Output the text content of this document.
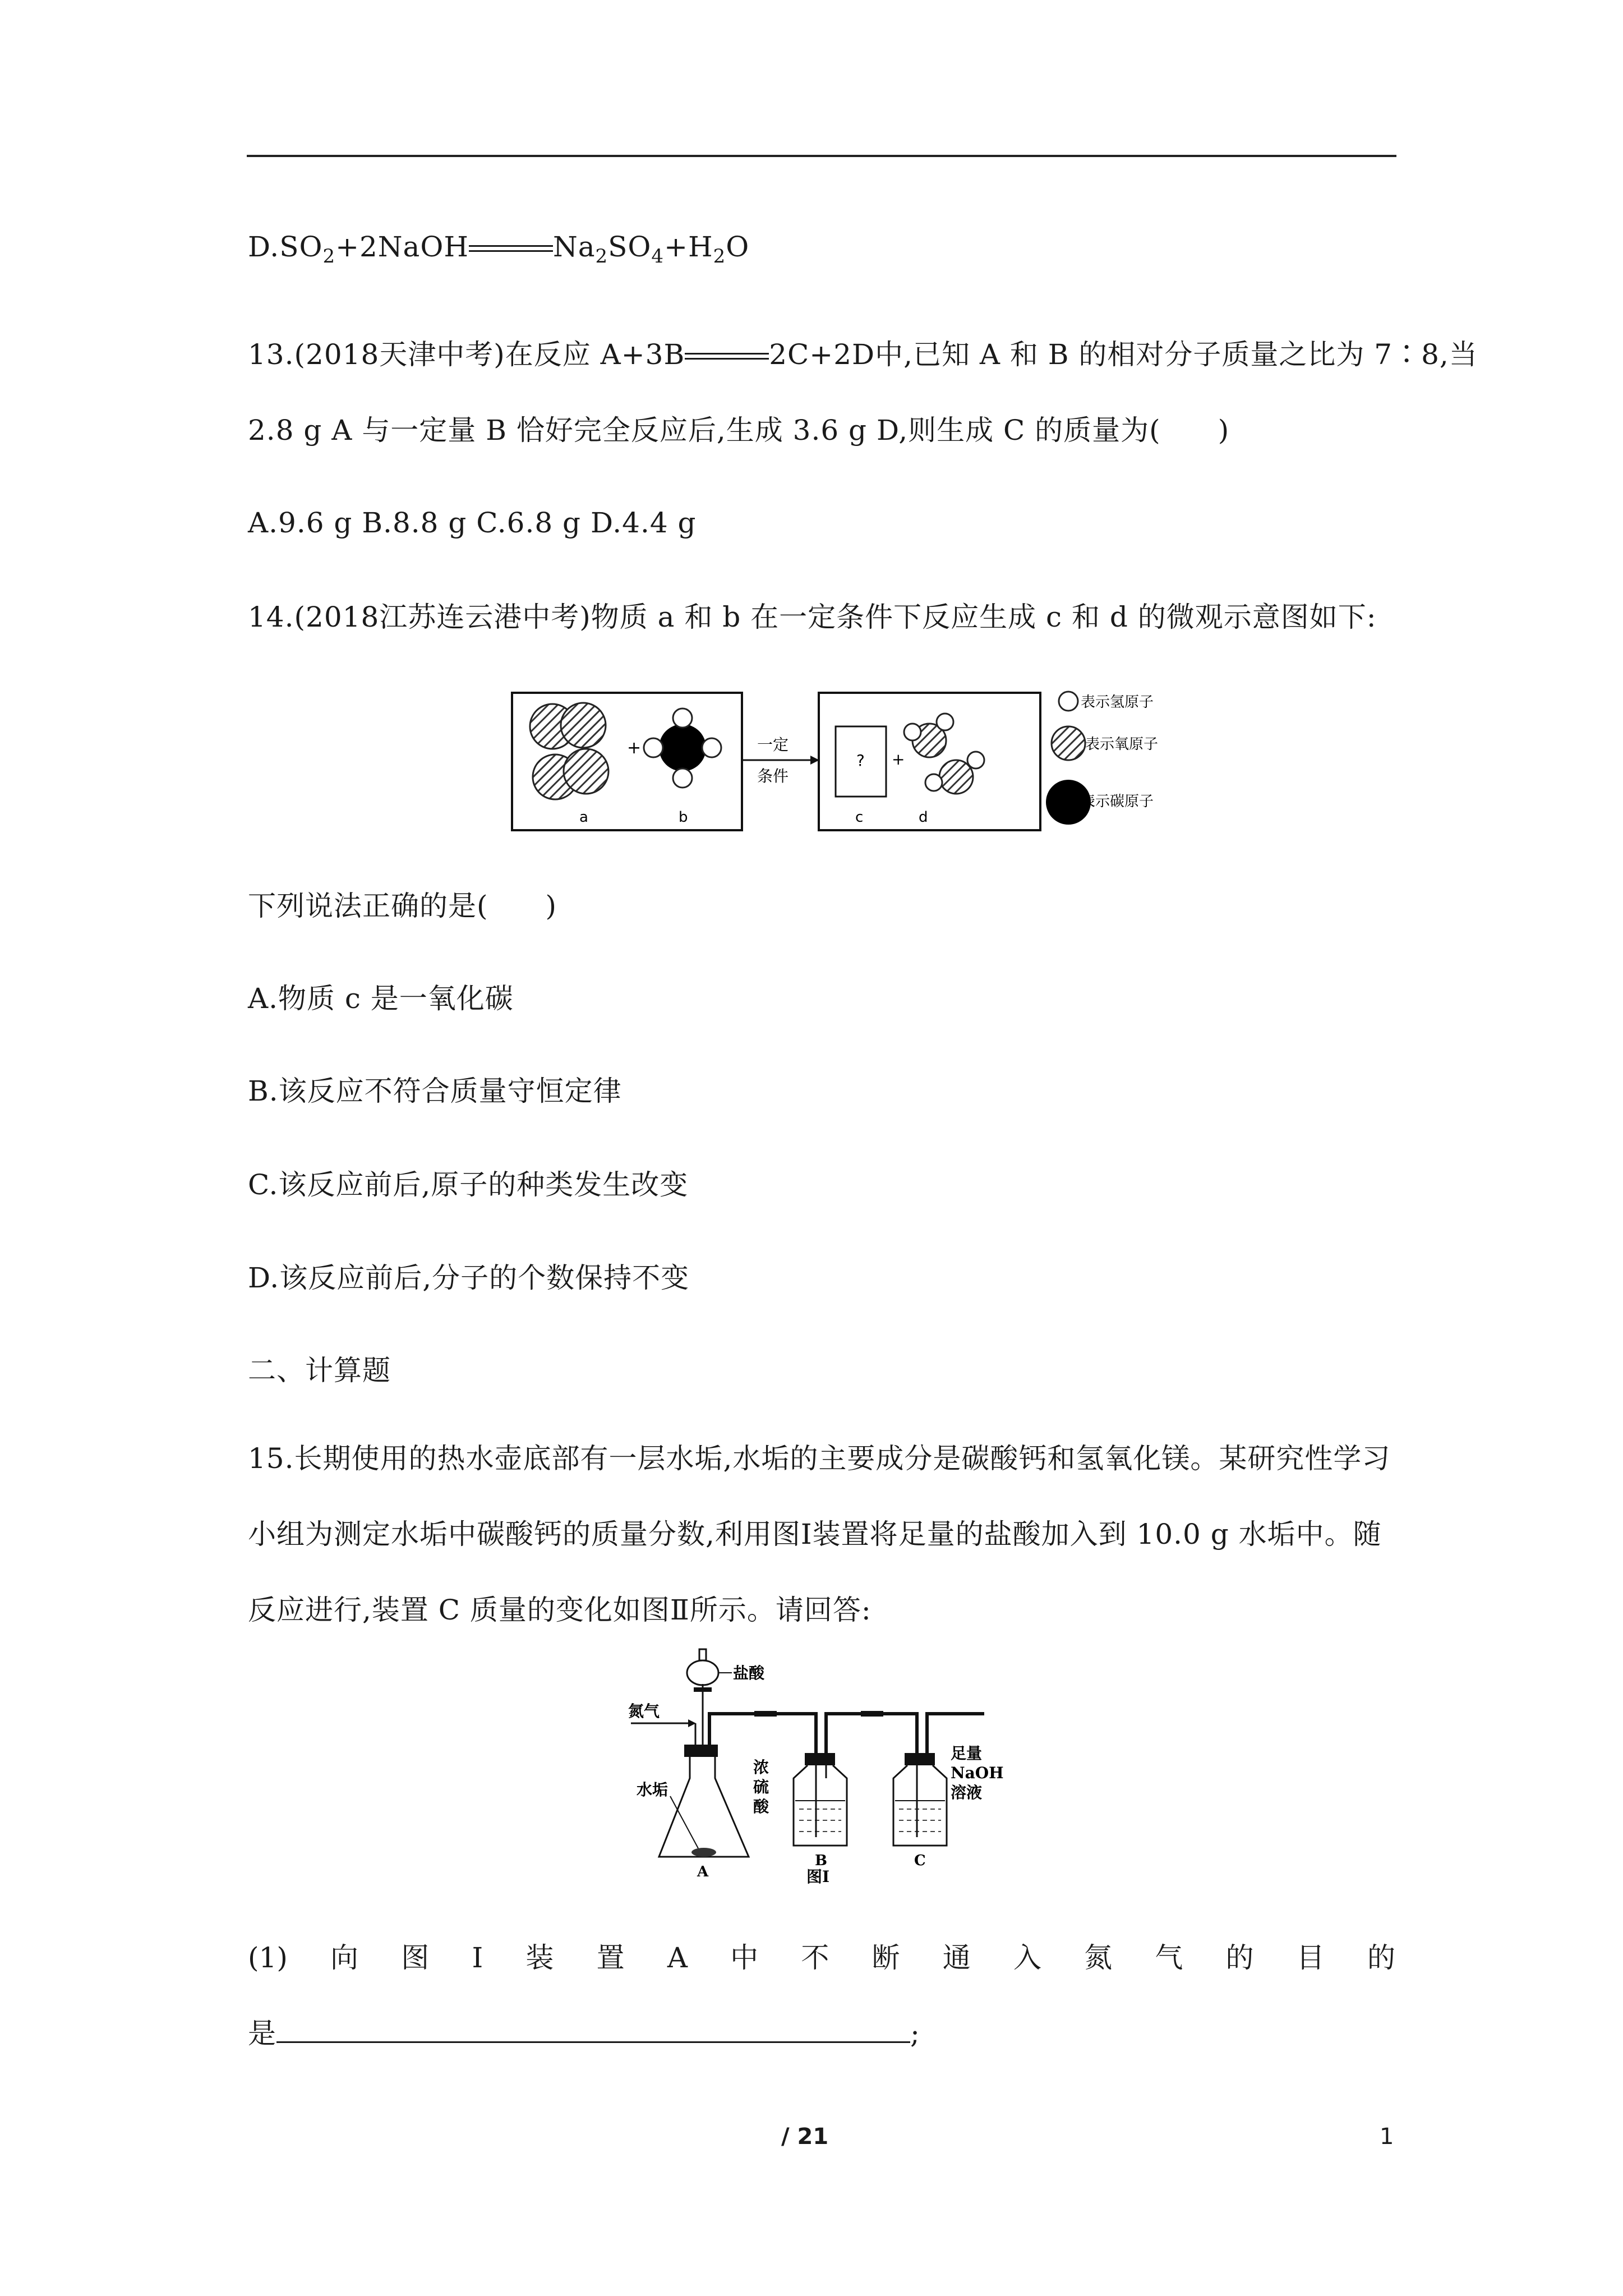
$D.SO_2+2NaOH$	$Na_2SO_4+H_2O$
13.(2018天津中考)在反应 A+3B	2C+2D中,已知 A 和 B 的相对分子质量之比为 7∶8,当
2.8 g A 与一定量 B 恰好完全反应后,生成 3.6 g D,则生成 C 的质量为(　　)
A.9.6 g B.8.8 g C.6.8 g D.4.4 g
14.(2018江苏连云港中考)物质 a 和 b 在一定条件下反应生成 c 和 d 的微观示意图如下:
+
a	b
一定
条件
? +
c	d
表示氢原子
表示氧原子
表示碳原子
下列说法正确的是(　　)
A.物质 c 是一氧化碳
B.该反应不符合质量守恒定律
C.该反应前后,原子的种类发生改变
D.该反应前后,分子的个数保持不变
二、计算题
15.长期使用的热水壶底部有一层水垢,水垢的主要成分是碳酸钙和氢氧化镁。某研究性学习
小组为测定水垢中碳酸钙的质量分数,利用图Ⅰ装置将足量的盐酸加入到 10.0 g 水垢中。随
反应进行,装置 C 质量的变化如图Ⅱ所示。请回答:
盐酸
氮气
水垢
A
浓
硫
酸
B
图Ⅰ
足量
NaOH
溶液
C
(1) 向 图 Ⅰ 装 置 A 中 不 断 通 入 氮 气 的 目 的
是	;
/ 21	1
